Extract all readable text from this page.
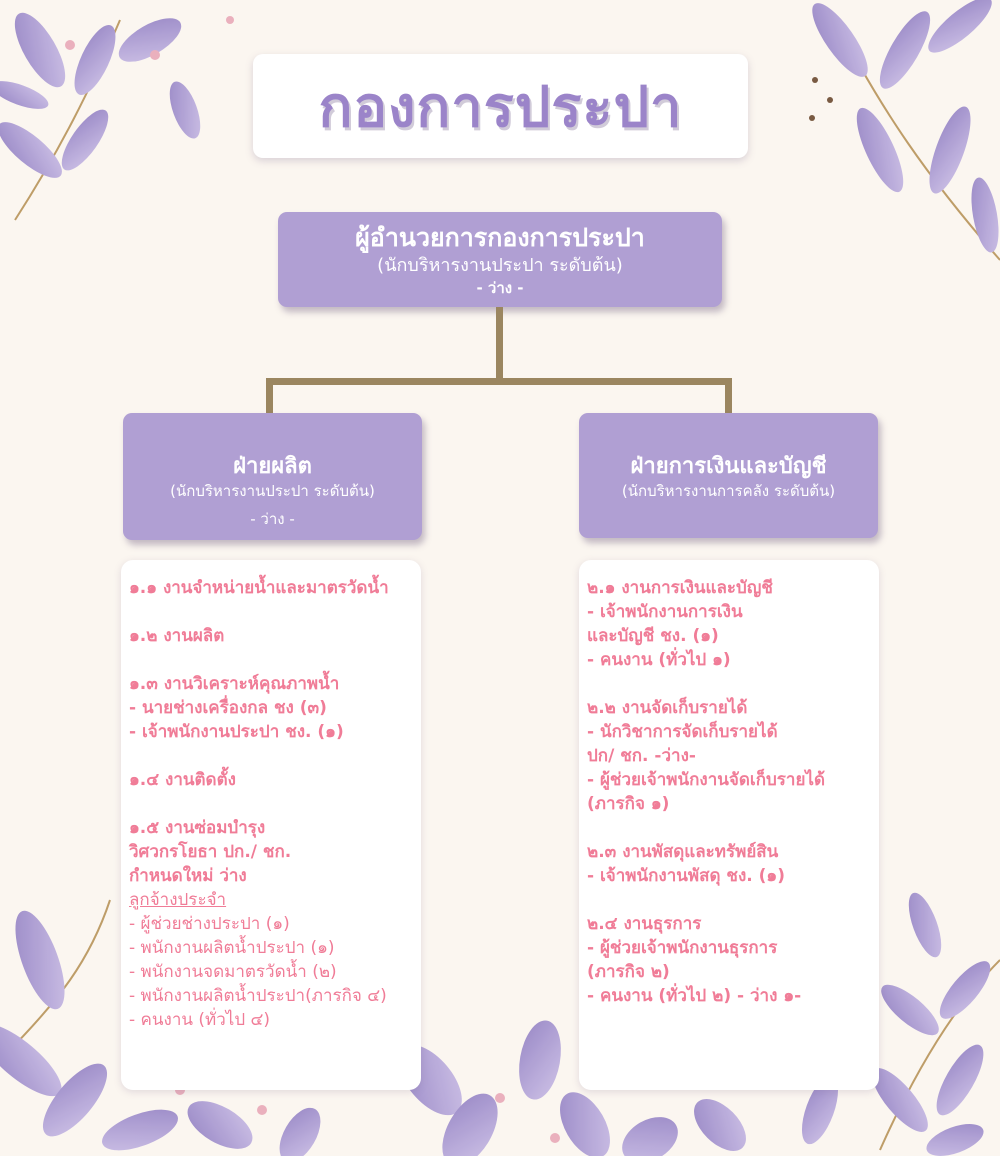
กองการประปา
ผู้อำนวยการกองการประปา
(นักบริหารงานประปา ระดับต้น)
- ว่าง -
ฝ่ายผลิต
(นักบริหารงานประปา ระดับต้น)
- ว่าง -
ฝ่ายการเงินและบัญชี
(นักบริหารงานการคลัง ระดับต้น)
๑.๑ งานจำหน่ายน้ำและมาตรวัดน้ำ
๑.๒ งานผลิต
๑.๓ งานวิเคราะห์คุณภาพน้ำ
- นายช่างเครื่องกล ชง (๓)
- เจ้าพนักงานประปา ชง. (๑)
๑.๔ งานติดตั้ง
๑.๕ งานซ่อมบำรุง
วิศวกรโยธา ปก./ ชก.
กำหนดใหม่ ว่าง
ลูกจ้างประจำ
- ผู้ช่วยช่างประปา (๑)
- พนักงานผลิตน้ำประปา (๑)
- พนักงานจดมาตรวัดน้ำ (๒)
- พนักงานผลิตน้ำประปา(ภารกิจ ๔)
- คนงาน (ทั่วไป ๔)
๒.๑ งานการเงินและบัญชี
- เจ้าพนักงานการเงิน
และบัญชี ชง. (๑)
- คนงาน (ทั่วไป ๑)
๒.๒ งานจัดเก็บรายได้
- นักวิชาการจัดเก็บรายได้
ปก/ ชก. -ว่าง-
- ผู้ช่วยเจ้าพนักงานจัดเก็บรายได้
(ภารกิจ ๑)
๒.๓ งานพัสดุและทรัพย์สิน
- เจ้าพนักงานพัสดุ ชง. (๑)
๒.๔ งานธุรการ
- ผู้ช่วยเจ้าพนักงานธุรการ
(ภารกิจ ๒)
- คนงาน (ทั่วไป ๒) - ว่าง ๑-
